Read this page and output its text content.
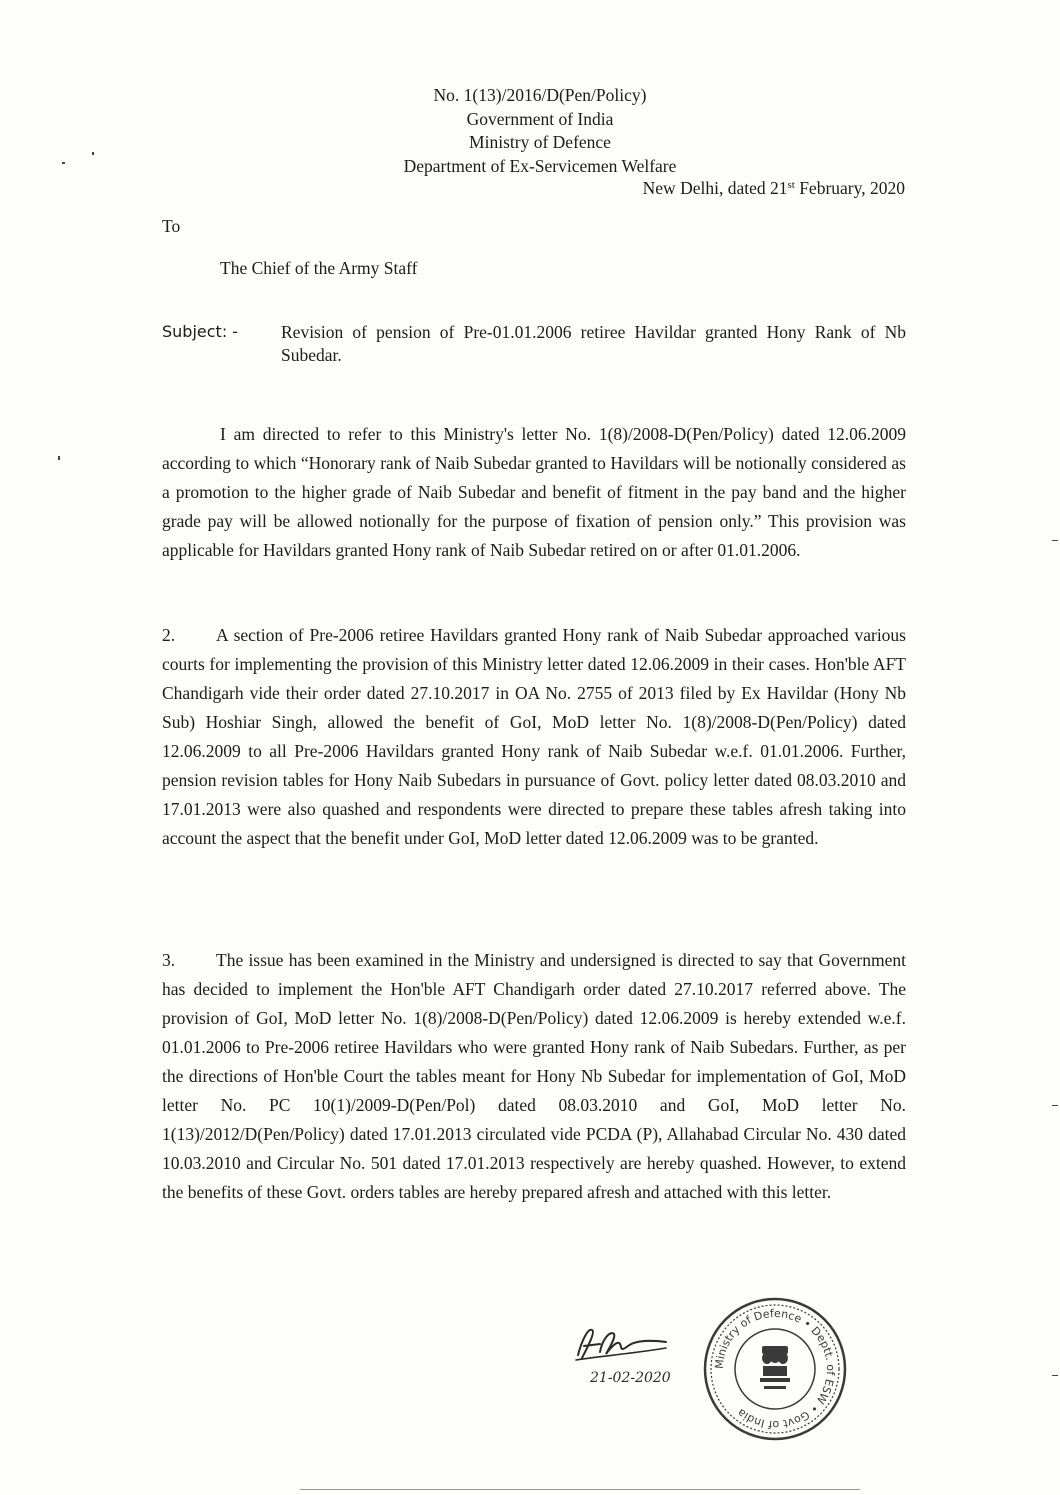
No. 1(13)/2016/D(Pen/Policy)
Government of India
Ministry of Defence
Department of Ex-Servicemen Welfare
New Delhi, dated 21st February, 2020
To
The Chief of the Army Staff
Subject: - Revision of pension of Pre-01.01.2006 retiree Havildar granted Hony Rank of Nb Subedar.
I am directed to refer to this Ministry's letter No. 1(8)/2008-D(Pen/Policy) dated 12.06.2009 according to which “Honorary rank of Naib Subedar granted to Havildars will be notionally considered as a promotion to the higher grade of Naib Subedar and benefit of fitment in the pay band and the higher grade pay will be allowed notionally for the purpose of fixation of pension only.” This provision was applicable for Havildars granted Hony rank of Naib Subedar retired on or after 01.01.2006.
2. A section of Pre-2006 retiree Havildars granted Hony rank of Naib Subedar approached various courts for implementing the provision of this Ministry letter dated 12.06.2009 in their cases. Hon'ble AFT Chandigarh vide their order dated 27.10.2017 in OA No. 2755 of 2013 filed by Ex Havildar (Hony Nb Sub) Hoshiar Singh, allowed the benefit of GoI, MoD letter No. 1(8)/2008-D(Pen/Policy) dated 12.06.2009 to all Pre-2006 Havildars granted Hony rank of Naib Subedar w.e.f. 01.01.2006. Further, pension revision tables for Hony Naib Subedars in pursuance of Govt. policy letter dated 08.03.2010 and 17.01.2013 were also quashed and respondents were directed to prepare these tables afresh taking into account the aspect that the benefit under GoI, MoD letter dated 12.06.2009 was to be granted.
3. The issue has been examined in the Ministry and undersigned is directed to say that Government has decided to implement the Hon'ble AFT Chandigarh order dated 27.10.2017 referred above. The provision of GoI, MoD letter No. 1(8)/2008-D(Pen/Policy) dated 12.06.2009 is hereby extended w.e.f. 01.01.2006 to Pre-2006 retiree Havildars who were granted Hony rank of Naib Subedars. Further, as per the directions of Hon'ble Court the tables meant for Hony Nb Subedar for implementation of GoI, MoD letter No. PC 10(1)/2009-D(Pen/Pol) dated 08.03.2010 and GoI, MoD letter No. 1(13)/2012/D(Pen/Policy) dated 17.01.2013 circulated vide PCDA (P), Allahabad Circular No. 430 dated 10.03.2010 and Circular No. 501 dated 17.01.2013 respectively are hereby quashed. However, to extend the benefits of these Govt. orders tables are hereby prepared afresh and attached with this letter.
21-02-2020
Ministry of Defence • Deptt. of ESW • Govt of India
